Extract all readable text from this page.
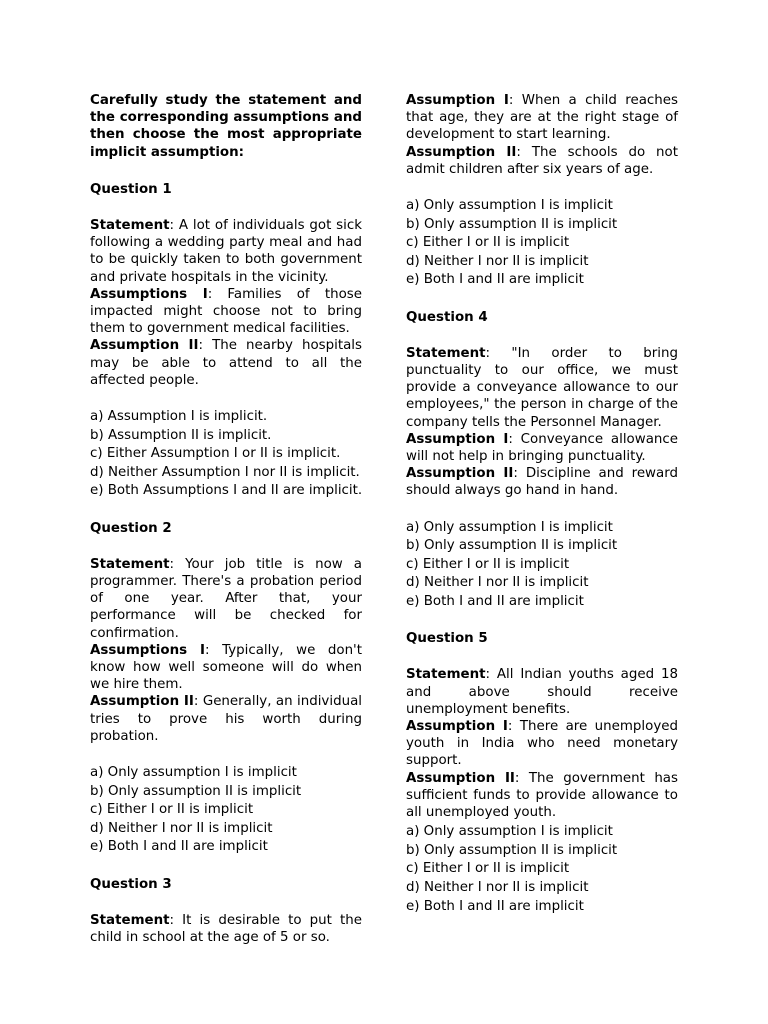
Carefully study the statement and the corresponding assumptions and then choose the most appropriate implicit assumption:

Question 1

Statement: A lot of individuals got sick following a wedding party meal and had to be quickly taken to both government and private hospitals in the vicinity.

Assumptions I: Families of those impacted might choose not to bring them to government medical facilities.

Assumption II: The nearby hospitals may be able to attend to all the affected people.

a) Assumption I is implicit.
b) Assumption II is implicit.
c) Either Assumption I or II is implicit.
d) Neither Assumption I nor II is implicit.
e) Both Assumptions I and II are implicit.

Question 2

Statement: Your job title is now a programmer. There's a probation period of one year. After that, your performance will be checked for confirmation.

Assumptions I: Typically, we don't know how well someone will do when we hire them.

Assumption II: Generally, an individual tries to prove his worth during probation.

a) Only assumption I is implicit
b) Only assumption II is implicit
c) Either I or II is implicit
d) Neither I nor II is implicit
e) Both I and II are implicit

Question 3

Statement: It is desirable to put the child in school at the age of 5 or so.

Assumption I: When a child reaches that age, they are at the right stage of development to start learning.

Assumption II: The schools do not admit children after six years of age.

a) Only assumption I is implicit
b) Only assumption II is implicit
c) Either I or II is implicit
d) Neither I nor II is implicit
e) Both I and II are implicit

Question 4

Statement: "In order to bring punctuality to our office, we must provide a conveyance allowance to our employees," the person in charge of the company tells the Personnel Manager.

Assumption I: Conveyance allowance will not help in bringing punctuality.

Assumption II: Discipline and reward should always go hand in hand.

a) Only assumption I is implicit
b) Only assumption II is implicit
c) Either I or II is implicit
d) Neither I nor II is implicit
e) Both I and II are implicit

Question 5

Statement: All Indian youths aged 18 and above should receive unemployment benefits.

Assumption I: There are unemployed youth in India who need monetary support.

Assumption II: The government has sufficient funds to provide allowance to all unemployed youth.

a) Only assumption I is implicit
b) Only assumption II is implicit
c) Either I or II is implicit
d) Neither I nor II is implicit
e) Both I and II are implicit
